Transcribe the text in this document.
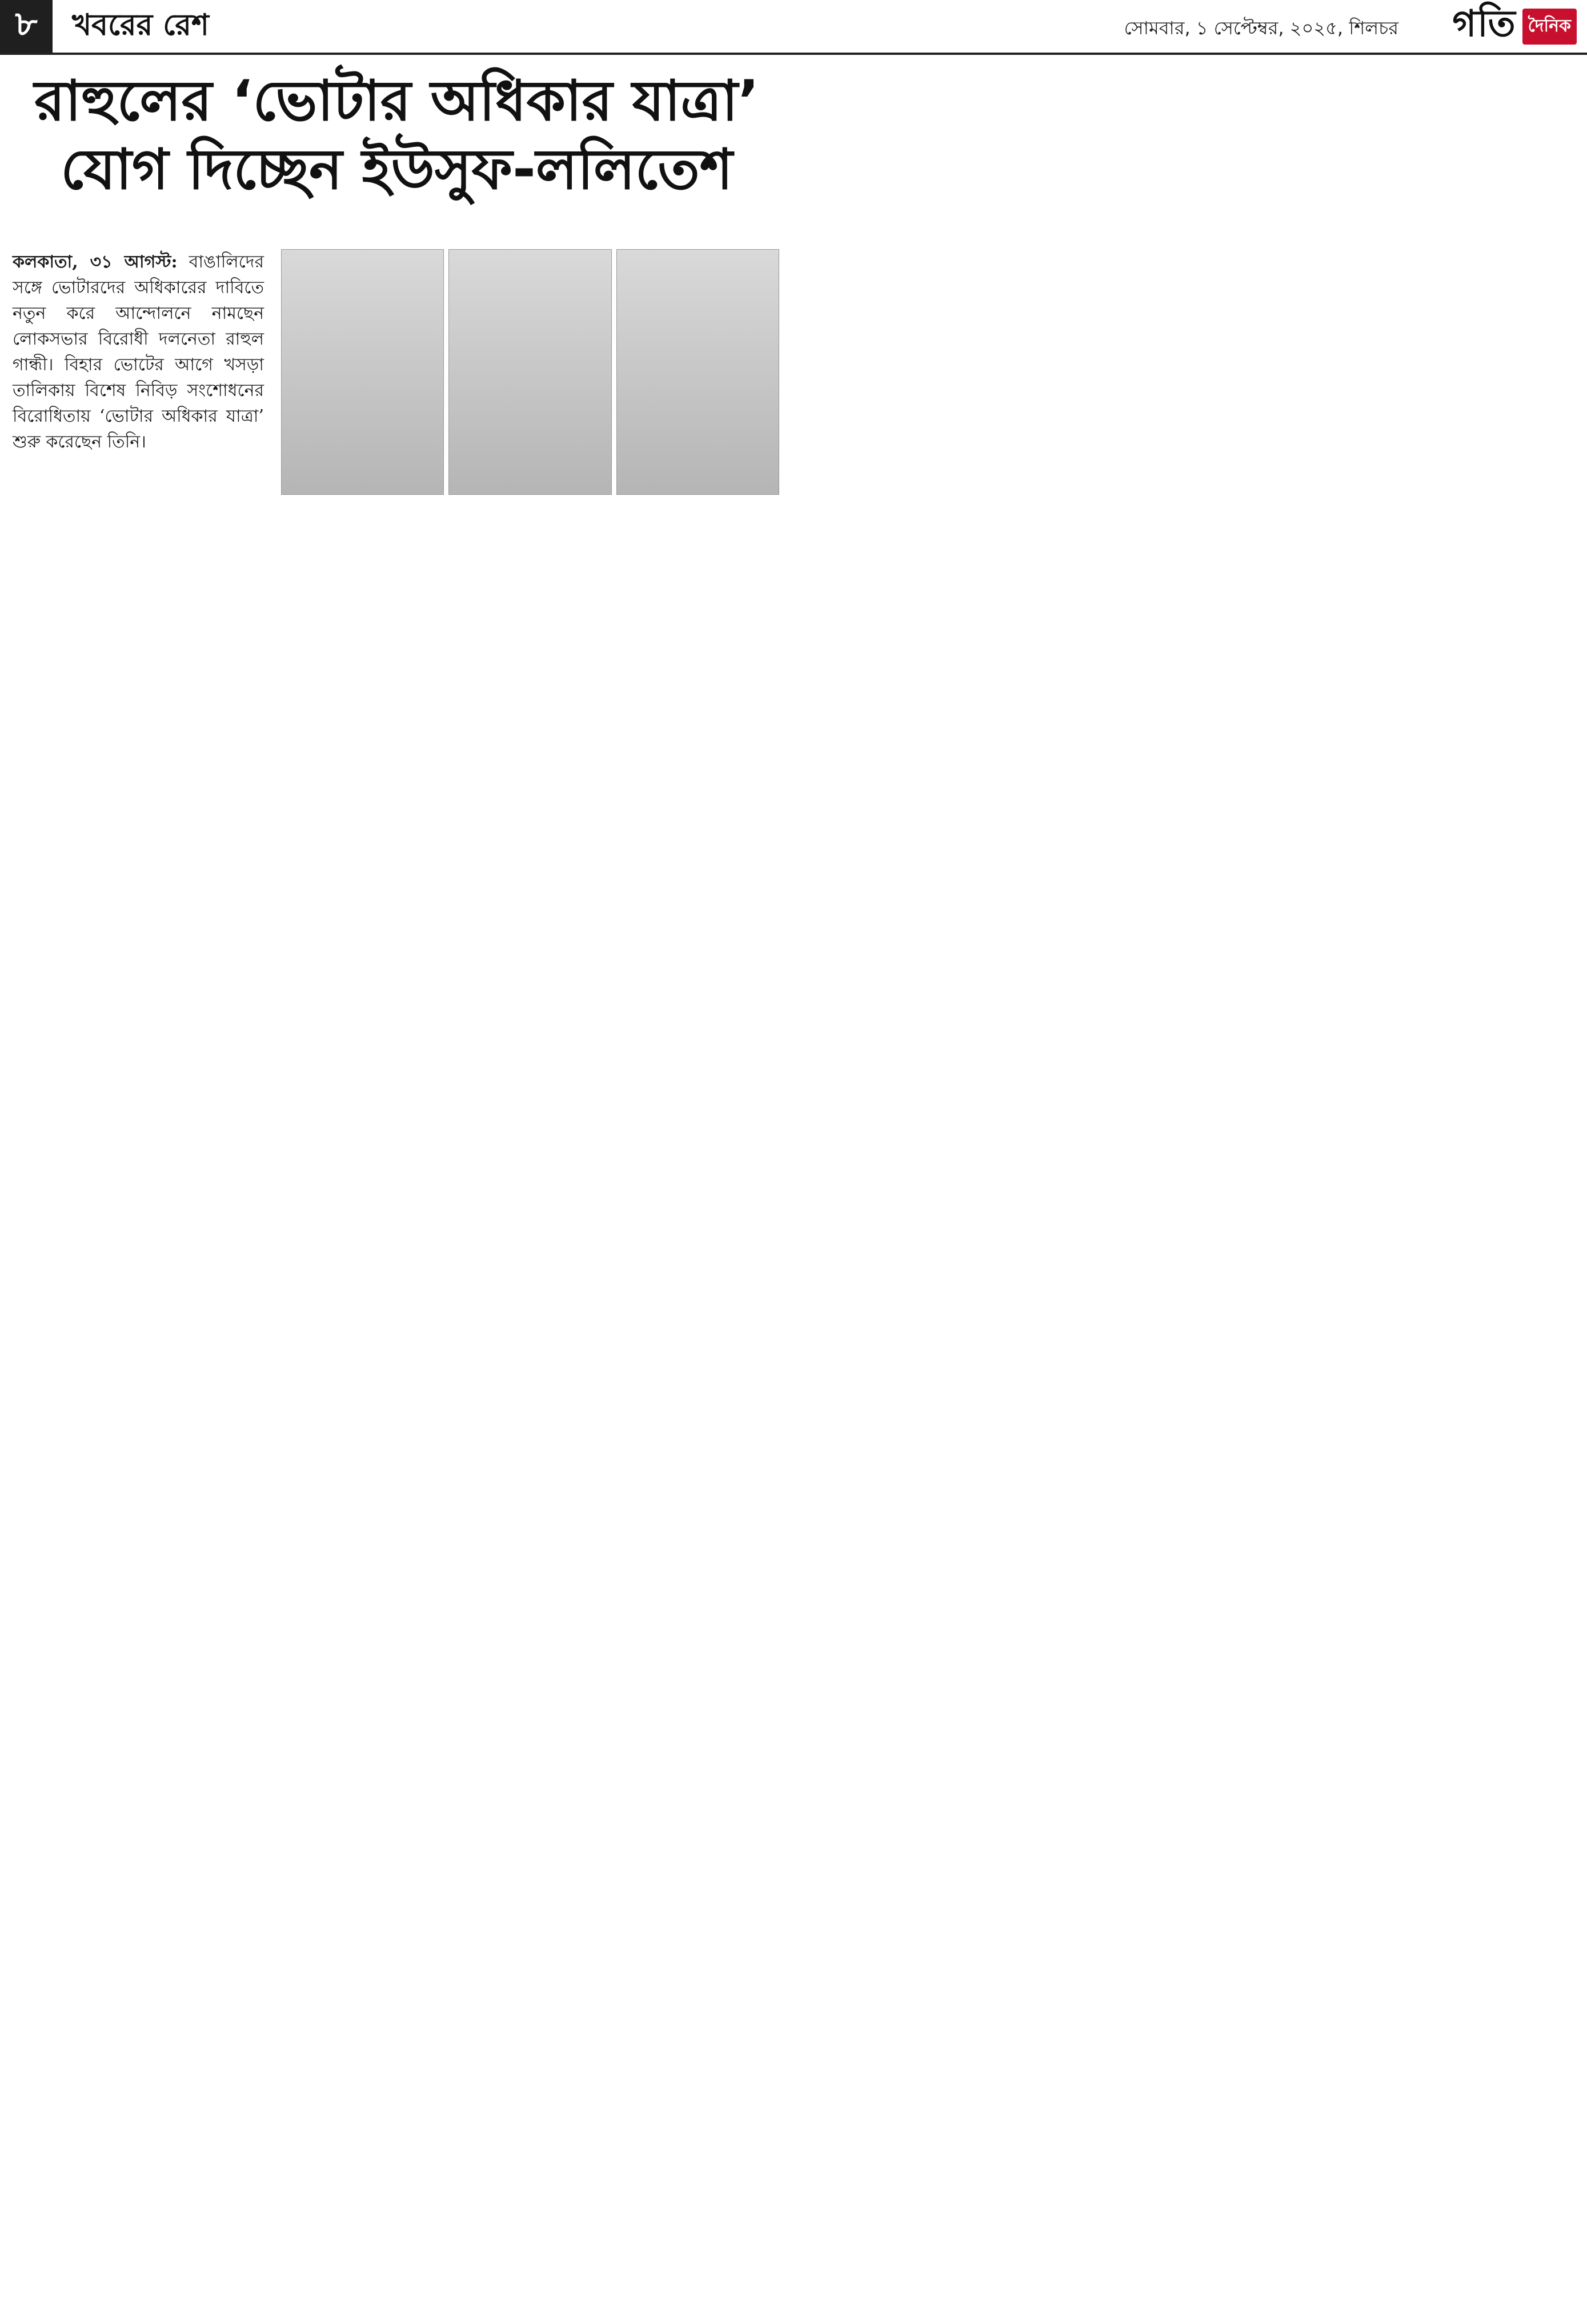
৮	খবরের রেশ	সোমবার, ১ সেপ্টেম্বর, ২০২৫, শিলচর গতি দৈনিক
রাহুলের ‘ভোটার অধিকার যাত্রা’ যোগ দিচ্ছেন ইউসুফ-ললিতেশ

কলকাতা, ৩১ আগস্ট: বাঙালিদের সঙ্গে ভোটারদের অধিকারের দাবিতে নতুন করে আন্দোলনে নামছেন লোকসভার বিরোধী দলনেতা রাহুল গান্ধী। বিহার ভোটের আগে খসড়া তালিকায় বিশেষ নিবিড় সংশোধনের বিরোধিতায় ‘ভোটার অধিকার যাত্রা’ শুরু করেছেন তিনি।
